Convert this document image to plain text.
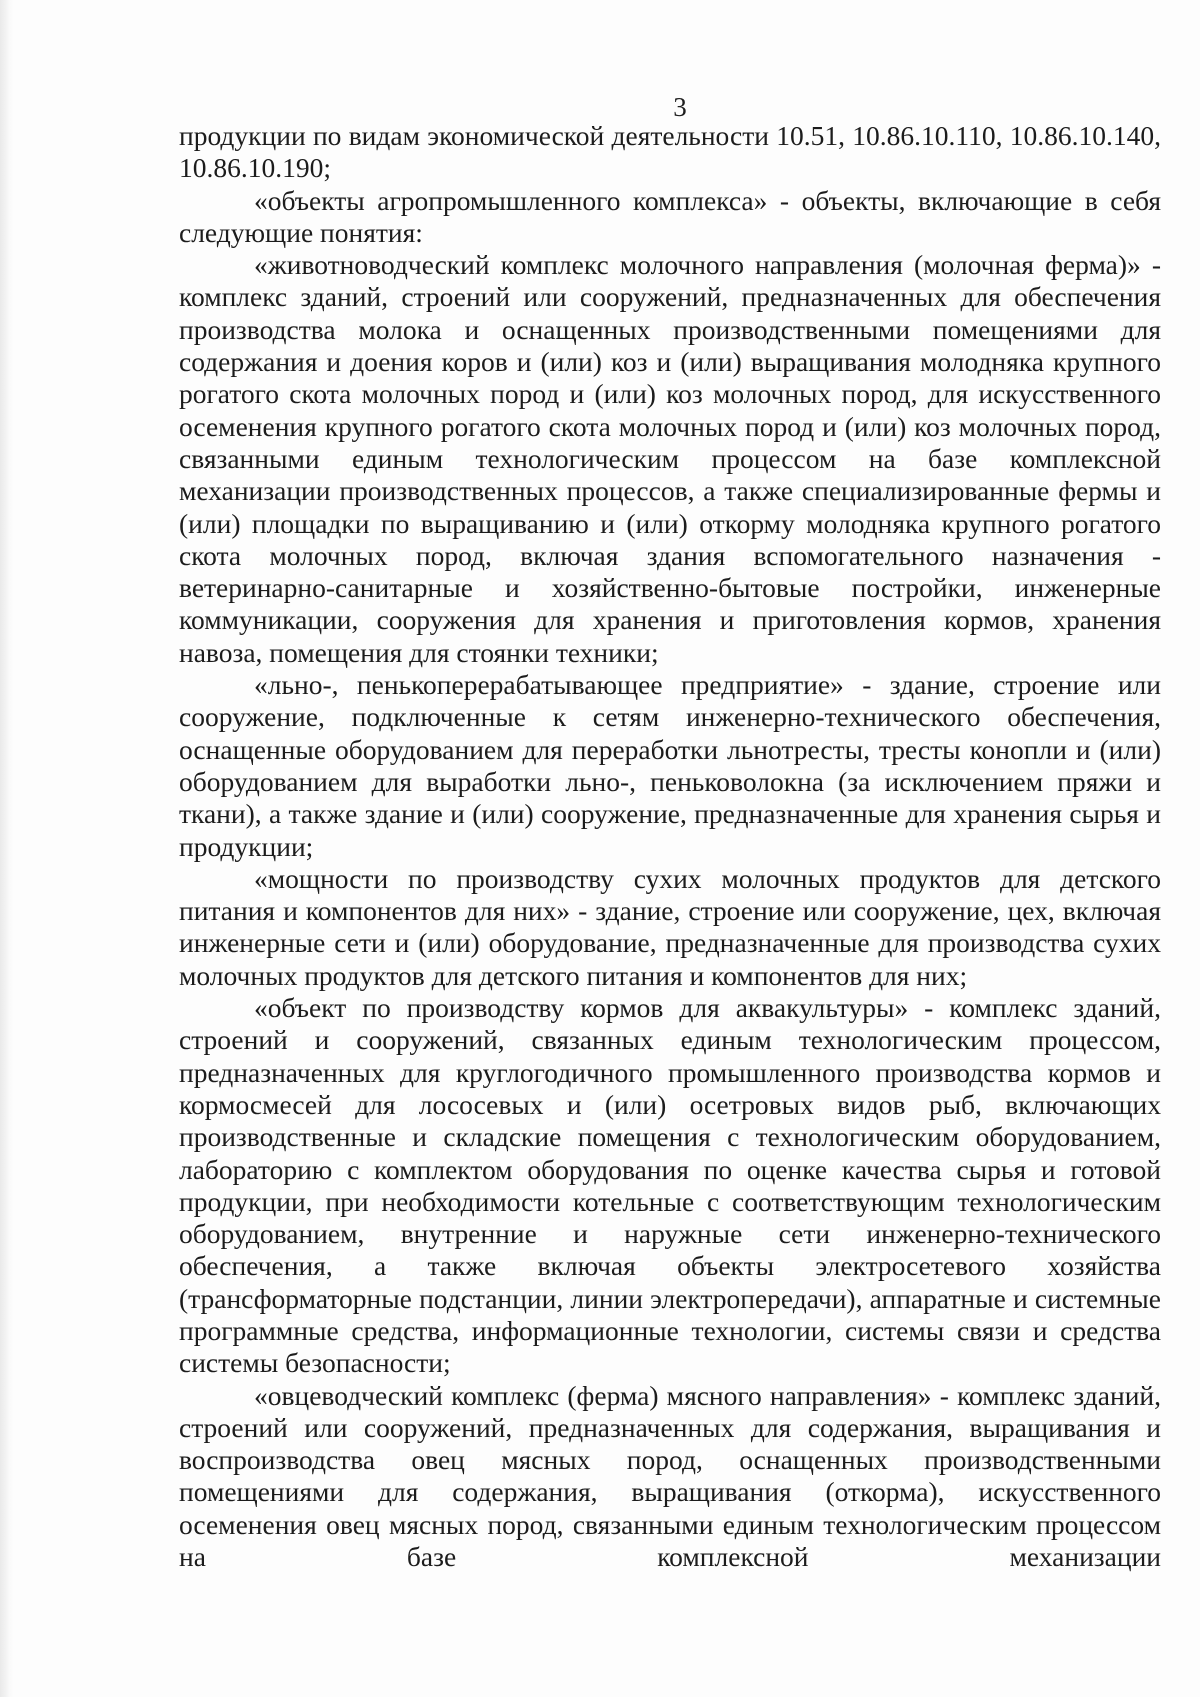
3

продукции по видам экономической деятельности 10.51, 10.86.10.110, 10.86.10.140, 10.86.10.190;

«объекты агропромышленного комплекса» - объекты, включающие в себя следующие понятия:

«животноводческий комплекс молочного направления (молочная ферма)» - комплекс зданий, строений или сооружений, предназначенных для обеспечения производства молока и оснащенных производственными помещениями для содержания и доения коров и (или) коз и (или) выращивания молодняка крупного рогатого скота молочных пород и (или) коз молочных пород, для искусственного осеменения крупного рогатого скота молочных пород и (или) коз молочных пород, связанными единым технологическим процессом на базе комплексной механизации производственных процессов, а также специализированные фермы и (или) площадки по выращиванию и (или) откорму молодняка крупного рогатого скота молочных пород, включая здания вспомогательного назначения - ветеринарно-санитарные и хозяйственно-бытовые постройки, инженерные коммуникации, сооружения для хранения и приготовления кормов, хранения навоза, помещения для стоянки техники;

«льно-, пенькоперерабатывающее предприятие» - здание, строение или сооружение, подключенные к сетям инженерно-технического обеспечения, оснащенные оборудованием для переработки льнотресты, тресты конопли и (или) оборудованием для выработки льно-, пеньковолокна (за исключением пряжи и ткани), а также здание и (или) сооружение, предназначенные для хранения сырья и продукции;

«мощности по производству сухих молочных продуктов для детского питания и компонентов для них» - здание, строение или сооружение, цех, включая инженерные сети и (или) оборудование, предназначенные для производства сухих молочных продуктов для детского питания и компонентов для них;

«объект по производству кормов для аквакультуры» - комплекс зданий, строений и сооружений, связанных единым технологическим процессом, предназначенных для круглогодичного промышленного производства кормов и кормосмесей для лососевых и (или) осетровых видов рыб, включающих производственные и складские помещения с технологическим оборудованием, лабораторию с комплектом оборудования по оценке качества сырья и готовой продукции, при необходимости котельные с соответствующим технологическим оборудованием, внутренние и наружные сети инженерно-технического обеспечения, а также включая объекты электросетевого хозяйства (трансформаторные подстанции, линии электропередачи), аппаратные и системные программные средства, информационные технологии, системы связи и средства системы безопасности;

«овцеводческий комплекс (ферма) мясного направления» - комплекс зданий, строений или сооружений, предназначенных для содержания, выращивания и воспроизводства овец мясных пород, оснащенных производственными помещениями для содержания, выращивания (откорма), искусственного осеменения овец мясных пород, связанными единым технологическим процессом на базе комплексной механизации
